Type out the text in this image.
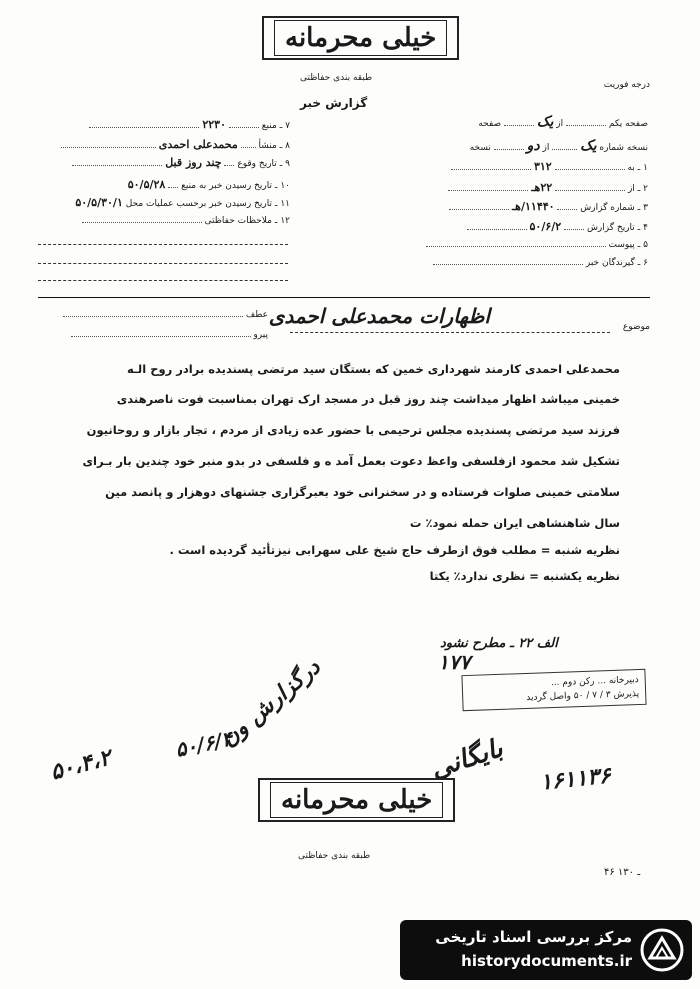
خیلی محرمانه
طبقه بندی حفاظتی
درجه فوریت
گزارش خبر
صفحه یکم  از یک  صفحه
نسخه شماره یک  از دو  نسخه
۱ ـ به  ۳۱۲
۲ ـ از  ۲۲هـ
۳ ـ شماره گزارش  ۱۱۴۴۰/هـ
۴ ـ تاریخ گزارش  ۵۰/۶/۲
۵ ـ پیوست
۶ ـ گیرندگان خبر
۷ ـ منبع  ۲۲۳۰
۸ ـ منشأ  محمدعلی احمدی
۹ ـ تاریخ وقوع  چند روز قبل
۱۰ ـ تاریخ رسیدن خبر به منبع  ۵۰/۵/۲۸
۱۱ ـ تاریخ رسیدن خبر برحسب عملیات محل ۵۰/۵/۳۰/۱
۱۲ ـ ملاحظات حفاظتی
عطف
پیرو
موضوع
اظهارات محمدعلی احمدی
محمدعلی احمدی کارمند شهرداری خمین که بستگان سید مرتضی پسندیده برادر روح الـه
خمینی میباشد اظهار میداشت چند روز قبل در مسجد ارک تهران بمناسبت فوت ناصرهندی
فرزند سید مرتضی پسندیده مجلس ترحیمی با حضور عده زیادی از مردم ، تجار بازار و روحانیون
تشکیل شد محمود ازفلسفی واعظ دعوت بعمل آمد ه و فلسفی در بدو منبر خود چندین بار بـرای
سلامتی خمینی صلوات فرستاده و در سخنرانی خود بعبرگزاری جشنهای دوهزار و پانصد مین
سال شاهنشاهی ایران حمله نمود٪ ت
نظریه شنبه = مطلب فوق ازطرف حاج شیخ علی سهرابی نیزتأئید گردیده است .
نظریه یکشنبه = نظری ندارد٪ یکتا
الف ۲۲ ـ مطرح نشود
۱۷۷
دبیرخانه ... رکن دوم ...
پذیرش ۳ / ۷ / ۵۰ واصل گردید
درگزارش ون
۵۰/۶/۴
۵۰،۴،۲	بایگانی ۱۶۱۱۳۶
خیلی محرمانه
طبقه بندی حفاظتی
۴۶ ـ ۱۳۰
مرکز بررسی اسناد تاریخی
historydocuments.ir
